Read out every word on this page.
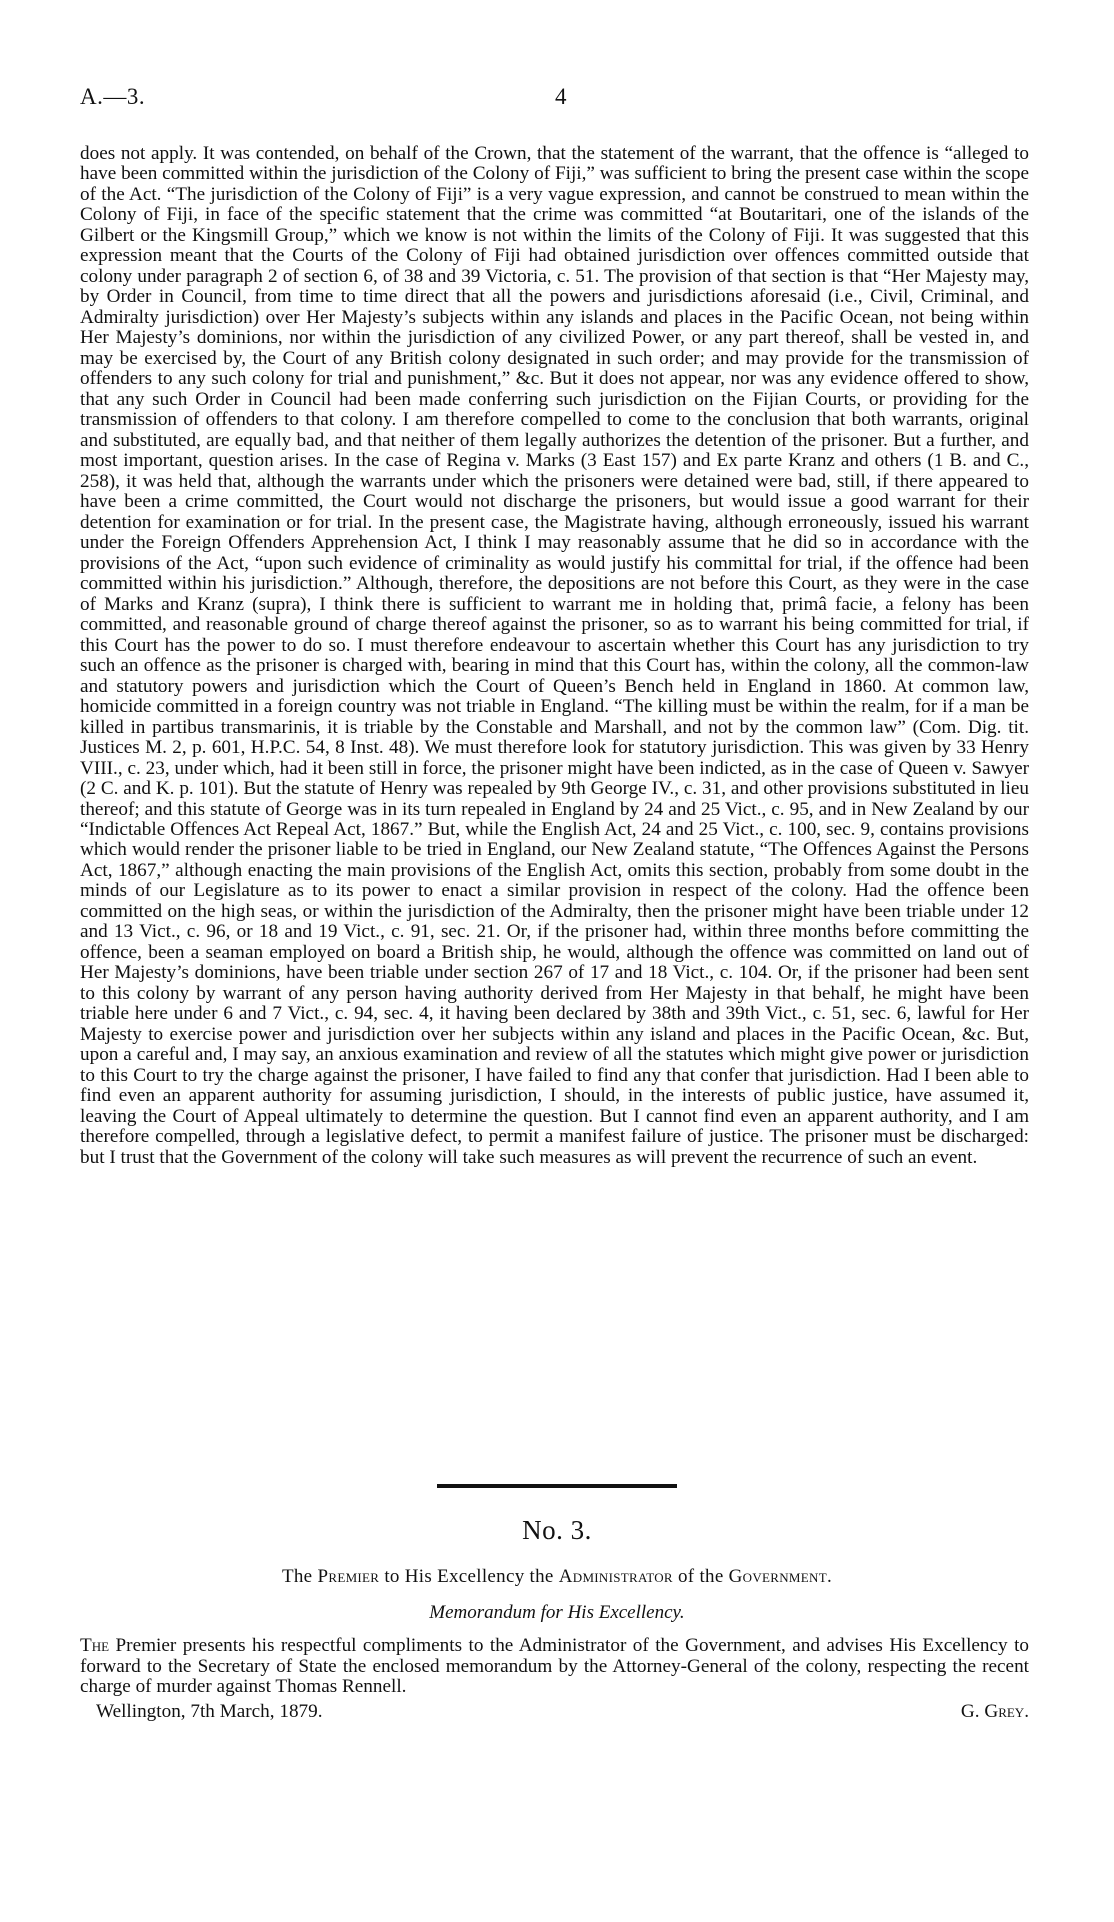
A.—3.	4

does not apply. It was contended, on behalf of the Crown, that the statement of the warrant, that the offence is “alleged to have been committed within the jurisdiction of the Colony of Fiji,” was sufficient to bring the present case within the scope of the Act. “The jurisdiction of the Colony of Fiji” is a very vague expression, and cannot be construed to mean within the Colony of Fiji, in face of the specific statement that the crime was committed “at Boutaritari, one of the islands of the Gilbert or the Kingsmill Group,” which we know is not within the limits of the Colony of Fiji. It was suggested that this expression meant that the Courts of the Colony of Fiji had obtained jurisdiction over offences committed outside that colony under paragraph 2 of section 6, of 38 and 39 Victoria, c. 51. The provision of that section is that “Her Majesty may, by Order in Council, from time to time direct that all the powers and jurisdictions aforesaid (i.e., Civil, Criminal, and Admiralty jurisdiction) over Her Majesty’s subjects within any islands and places in the Pacific Ocean, not being within Her Majesty’s dominions, nor within the jurisdiction of any civilized Power, or any part thereof, shall be vested in, and may be exercised by, the Court of any British colony designated in such order; and may provide for the transmission of offenders to any such colony for trial and punishment,” &c. But it does not appear, nor was any evidence offered to show, that any such Order in Council had been made conferring such jurisdiction on the Fijian Courts, or providing for the transmission of offenders to that colony. I am therefore compelled to come to the conclusion that both warrants, original and substituted, are equally bad, and that neither of them legally authorizes the detention of the prisoner. But a further, and most important, question arises. In the case of Regina v. Marks (3 East 157) and Ex parte Kranz and others (1 B. and C., 258), it was held that, although the warrants under which the prisoners were detained were bad, still, if there appeared to have been a crime committed, the Court would not discharge the prisoners, but would issue a good warrant for their detention for examination or for trial. In the present case, the Magistrate having, although erroneously, issued his warrant under the Foreign Offenders Apprehension Act, I think I may reasonably assume that he did so in accordance with the provisions of the Act, “upon such evidence of criminality as would justify his committal for trial, if the offence had been committed within his jurisdiction.” Although, therefore, the depositions are not before this Court, as they were in the case of Marks and Kranz (supra), I think there is sufficient to warrant me in holding that, primâ facie, a felony has been committed, and reasonable ground of charge thereof against the prisoner, so as to warrant his being committed for trial, if this Court has the power to do so. I must therefore endeavour to ascertain whether this Court has any jurisdiction to try such an offence as the prisoner is charged with, bearing in mind that this Court has, within the colony, all the common-law and statutory powers and jurisdiction which the Court of Queen’s Bench held in England in 1860. At common law, homicide committed in a foreign country was not triable in England. “The killing must be within the realm, for if a man be killed in partibus transmarinis, it is triable by the Constable and Marshall, and not by the common law” (Com. Dig. tit. Justices M. 2, p. 601, H.P.C. 54, 8 Inst. 48). We must therefore look for statutory jurisdiction. This was given by 33 Henry VIII., c. 23, under which, had it been still in force, the prisoner might have been indicted, as in the case of Queen v. Sawyer (2 C. and K. p. 101). But the statute of Henry was repealed by 9th George IV., c. 31, and other provisions substituted in lieu thereof; and this statute of George was in its turn repealed in England by 24 and 25 Vict., c. 95, and in New Zealand by our “Indictable Offences Act Repeal Act, 1867.” But, while the English Act, 24 and 25 Vict., c. 100, sec. 9, contains provisions which would render the prisoner liable to be tried in England, our New Zealand statute, “The Offences Against the Persons Act, 1867,” although enacting the main provisions of the English Act, omits this section, probably from some doubt in the minds of our Legislature as to its power to enact a similar provision in respect of the colony. Had the offence been committed on the high seas, or within the jurisdiction of the Admiralty, then the prisoner might have been triable under 12 and 13 Vict., c. 96, or 18 and 19 Vict., c. 91, sec. 21. Or, if the prisoner had, within three months before committing the offence, been a seaman employed on board a British ship, he would, although the offence was committed on land out of Her Majesty’s dominions, have been triable under section 267 of 17 and 18 Vict., c. 104. Or, if the prisoner had been sent to this colony by warrant of any person having authority derived from Her Majesty in that behalf, he might have been triable here under 6 and 7 Vict., c. 94, sec. 4, it having been declared by 38th and 39th Vict., c. 51, sec. 6, lawful for Her Majesty to exercise power and jurisdiction over her subjects within any island and places in the Pacific Ocean, &c. But, upon a careful and, I may say, an anxious examination and review of all the statutes which might give power or jurisdiction to this Court to try the charge against the prisoner, I have failed to find any that confer that jurisdiction. Had I been able to find even an apparent authority for assuming jurisdiction, I should, in the interests of public justice, have assumed it, leaving the Court of Appeal ultimately to determine the question. But I cannot find even an apparent authority, and I am therefore compelled, through a legislative defect, to permit a manifest failure of justice. The prisoner must be discharged: but I trust that the Government of the colony will take such measures as will prevent the recurrence of such an event.

No. 3.
The Premier to His Excellency the Administrator of the Government.
Memorandum for His Excellency.

The Premier presents his respectful compliments to the Administrator of the Government, and advises His Excellency to forward to the Secretary of State the enclosed memorandum by the Attorney-General of the colony, respecting the recent charge of murder against Thomas Rennell.

Wellington, 7th March, 1879.	G. Grey.
